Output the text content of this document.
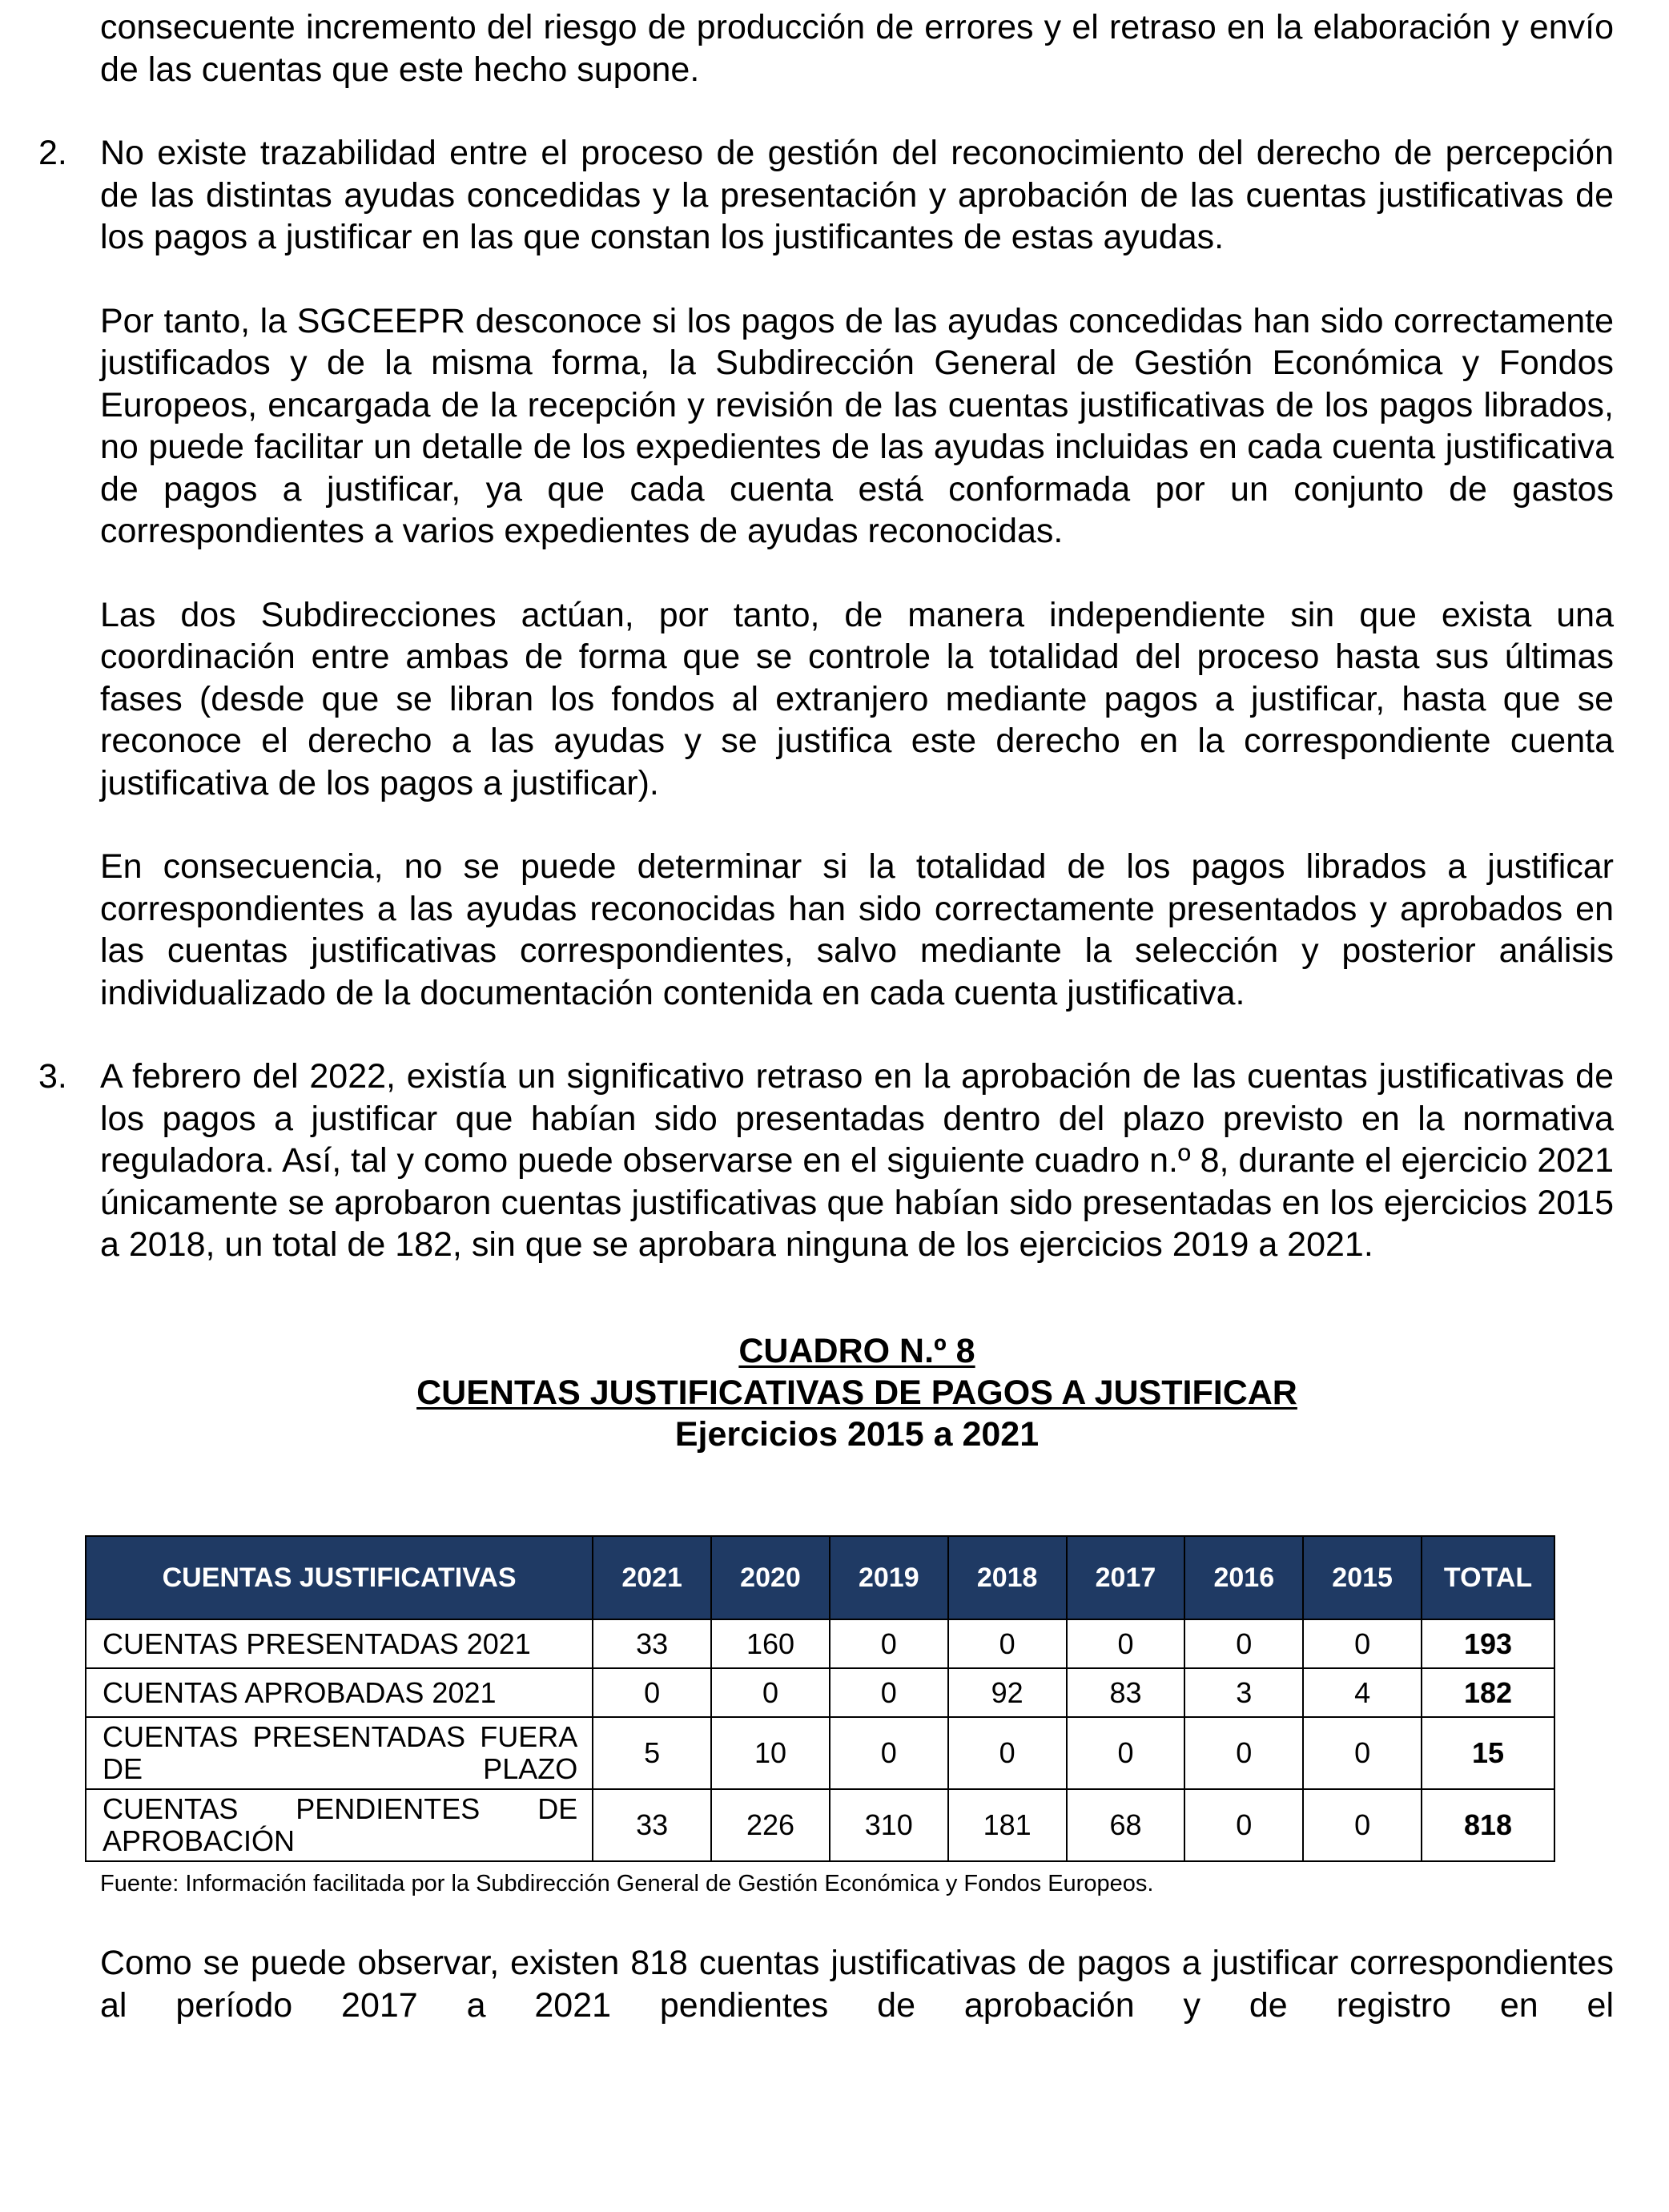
consecuente incremento del riesgo de producción de errores y el retraso en la elaboración y envío de las cuentas que este hecho supone.

2. No existe trazabilidad entre el proceso de gestión del reconocimiento del derecho de percepción de las distintas ayudas concedidas y la presentación y aprobación de las cuentas justificativas de los pagos a justificar en las que constan los justificantes de estas ayudas.

Por tanto, la SGCEEPR desconoce si los pagos de las ayudas concedidas han sido correctamente justificados y de la misma forma, la Subdirección General de Gestión Económica y Fondos Europeos, encargada de la recepción y revisión de las cuentas justificativas de los pagos librados, no puede facilitar un detalle de los expedientes de las ayudas incluidas en cada cuenta justificativa de pagos a justificar, ya que cada cuenta está conformada por un conjunto de gastos correspondientes a varios expedientes de ayudas reconocidas.

Las dos Subdirecciones actúan, por tanto, de manera independiente sin que exista una coordinación entre ambas de forma que se controle la totalidad del proceso hasta sus últimas fases (desde que se libran los fondos al extranjero mediante pagos a justificar, hasta que se reconoce el derecho a las ayudas y se justifica este derecho en la correspondiente cuenta justificativa de los pagos a justificar).

En consecuencia, no se puede determinar si la totalidad de los pagos librados a justificar correspondientes a las ayudas reconocidas han sido correctamente presentados y aprobados en las cuentas justificativas correspondientes, salvo mediante la selección y posterior análisis individualizado de la documentación contenida en cada cuenta justificativa.

3. A febrero del 2022, existía un significativo retraso en la aprobación de las cuentas justificativas de los pagos a justificar que habían sido presentadas dentro del plazo previsto en la normativa reguladora. Así, tal y como puede observarse en el siguiente cuadro n.º 8, durante el ejercicio 2021 únicamente se aprobaron cuentas justificativas que habían sido presentadas en los ejercicios 2015 a 2018, un total de 182, sin que se aprobara ninguna de los ejercicios 2019 a 2021.

CUADRO N.º 8
CUENTAS JUSTIFICATIVAS DE PAGOS A JUSTIFICAR
Ejercicios 2015 a 2021
CUENTAS JUSTIFICATIVAS	2021	2020	2019	2018	2017	2016	2015	TOTAL
CUENTAS PRESENTADAS 2021	33	160	0	0	0	0	0	193
CUENTAS APROBADAS 2021	0	0	0	92	83	3	4	182
CUENTAS PRESENTADAS FUERA DE PLAZO	5	10	0	0	0	0	0	15
CUENTAS PENDIENTES DE APROBACIÓN	33	226	310	181	68	0	0	818
Fuente: Información facilitada por la Subdirección General de Gestión Económica y Fondos Europeos.

Como se puede observar, existen 818 cuentas justificativas de pagos a justificar correspondientes al período 2017 a 2021 pendientes de aprobación y de registro en el
